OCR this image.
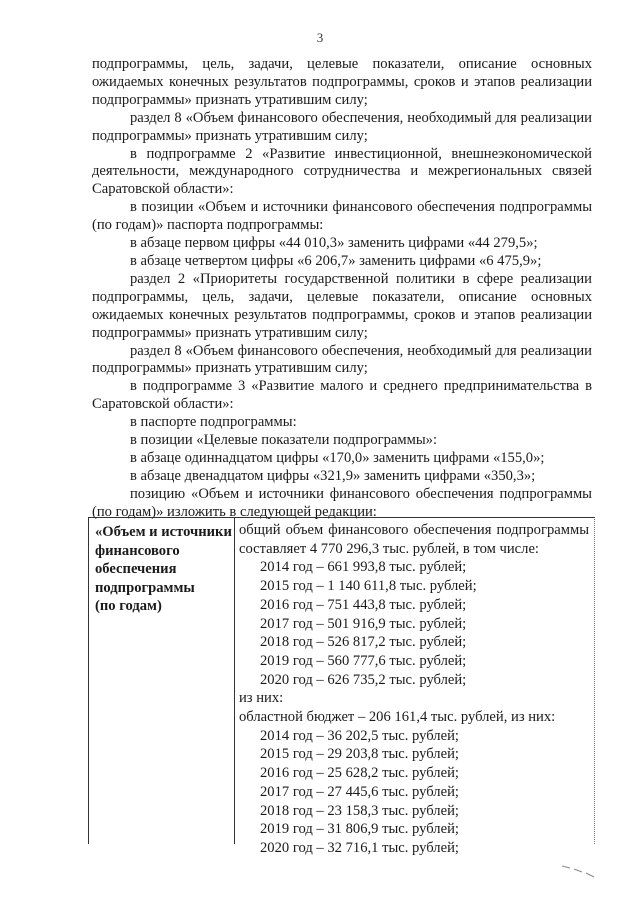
3

подпрограммы, цель, задачи, целевые показатели, описание основных ожидаемых конечных результатов подпрограммы, сроков и этапов реализации подпрограммы» признать утратившим силу;

раздел 8 «Объем финансового обеспечения, необходимый для реализации подпрограммы» признать утратившим силу;

в подпрограмме 2 «Развитие инвестиционной, внешнеэкономической деятельности, международного сотрудничества и межрегиональных связей Саратовской области»:

в позиции «Объем и источники финансового обеспечения подпрограммы (по годам)» паспорта подпрограммы:

в абзаце первом цифры «44 010,3» заменить цифрами «44 279,5»;

в абзаце четвертом цифры «6 206,7» заменить цифрами «6 475,9»;

раздел 2 «Приоритеты государственной политики в сфере реализации подпрограммы, цель, задачи, целевые показатели, описание основных ожидаемых конечных результатов подпрограммы, сроков и этапов реализации подпрограммы» признать утратившим силу;

раздел 8 «Объем финансового обеспечения, необходимый для реализации подпрограммы» признать утратившим силу;

в подпрограмме 3 «Развитие малого и среднего предпринимательства в Саратовской области»:

в паспорте подпрограммы:

в позиции «Целевые показатели подпрограммы»:

в абзаце одиннадцатом цифры «170,0» заменить цифрами «155,0»;

в абзаце двенадцатом цифры «321,9» заменить цифрами «350,3»;

позицию «Объем и источники финансового обеспечения подпрограммы (по годам)» изложить в следующей редакции:

«Объем и источники
финансового
обеспечения
подпрограммы
(по годам)

общий объем финансового обеспечения подпрограммы составляет 4 770 296,3 тыс. рублей, в том числе:

2014 год – 661 993,8 тыс. рублей;

2015 год – 1 140 611,8 тыс. рублей;

2016 год – 751 443,8 тыс. рублей;

2017 год – 501 916,9 тыс. рублей;

2018 год – 526 817,2 тыс. рублей;

2019 год – 560 777,6 тыс. рублей;

2020 год – 626 735,2 тыс. рублей;

из них:

областной бюджет – 206 161,4 тыс. рублей, из них:

2014 год – 36 202,5 тыс. рублей;

2015 год – 29 203,8 тыс. рублей;

2016 год – 25 628,2 тыс. рублей;

2017 год – 27 445,6 тыс. рублей;

2018 год – 23 158,3 тыс. рублей;

2019 год – 31 806,9 тыс. рублей;

2020 год – 32 716,1 тыс. рублей;
